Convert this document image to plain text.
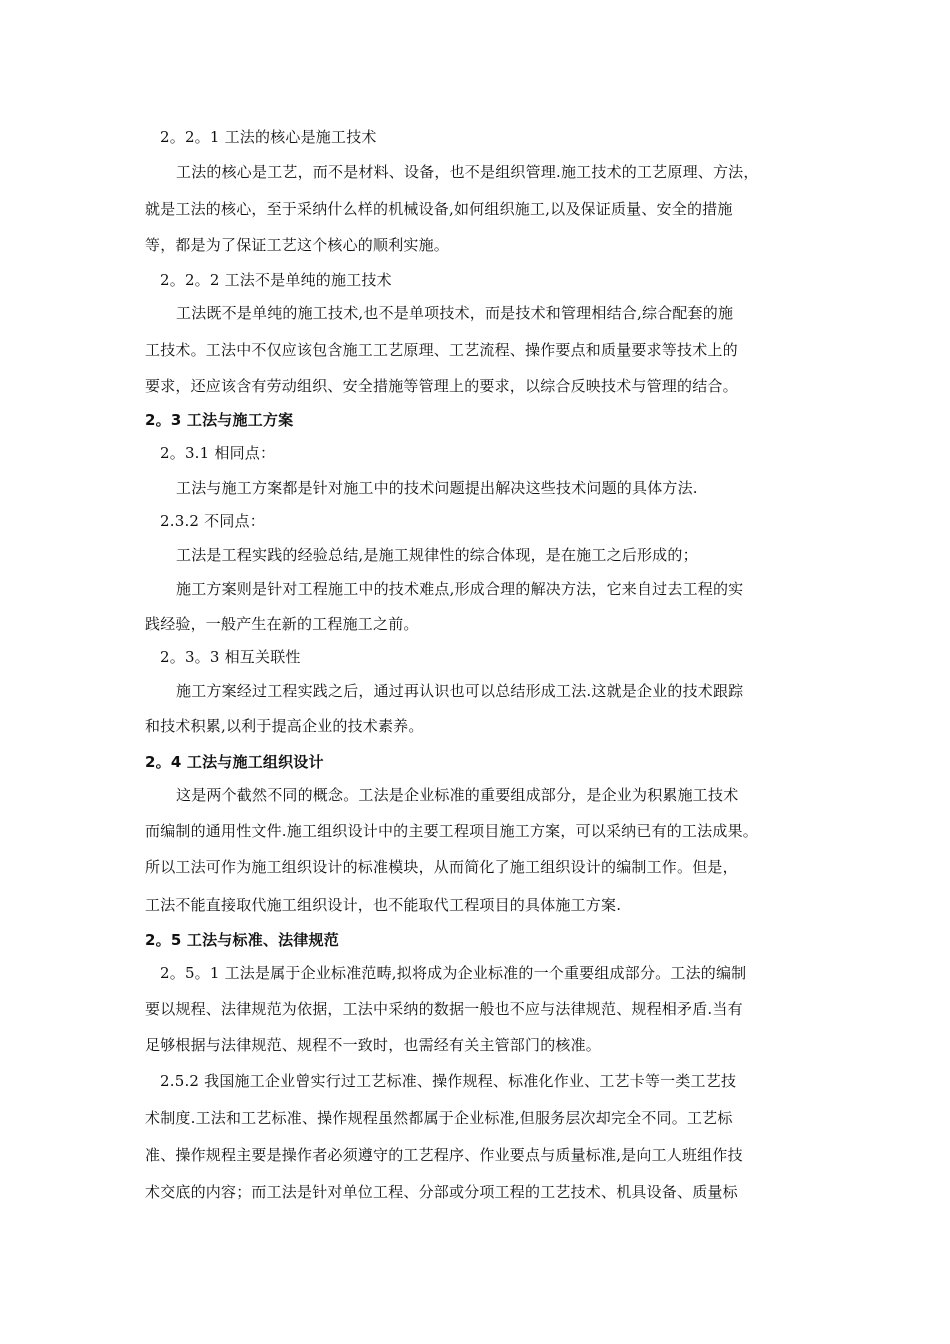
2。2。1 工法的核心是施工技术
工法的核心是工艺，而不是材料、设备，也不是组织管理.施工技术的工艺原理、方法，
就是工法的核心，至于采纳什么样的机械设备,如何组织施工,以及保证质量、安全的措施
等，都是为了保证工艺这个核心的顺利实施。
2。2。2 工法不是单纯的施工技术
工法既不是单纯的施工技术,也不是单项技术，而是技术和管理相结合,综合配套的施
工技术。工法中不仅应该包含施工工艺原理、工艺流程、操作要点和质量要求等技术上的
要求，还应该含有劳动组织、安全措施等管理上的要求，以综合反映技术与管理的结合。
2。3 工法与施工方案
2。3.1 相同点：
工法与施工方案都是针对施工中的技术问题提出解决这些技术问题的具体方法.
2.3.2 不同点：
工法是工程实践的经验总结,是施工规律性的综合体现，是在施工之后形成的；
施工方案则是针对工程施工中的技术难点,形成合理的解决方法，它来自过去工程的实
践经验，一般产生在新的工程施工之前。
2。3。3 相互关联性
施工方案经过工程实践之后，通过再认识也可以总结形成工法.这就是企业的技术跟踪
和技术积累,以利于提高企业的技术素养。
2。4 工法与施工组织设计
这是两个截然不同的概念。工法是企业标准的重要组成部分，是企业为积累施工技术
而编制的通用性文件.施工组织设计中的主要工程项目施工方案，可以采纳已有的工法成果。
所以工法可作为施工组织设计的标准模块，从而简化了施工组织设计的编制工作。但是，
工法不能直接取代施工组织设计，也不能取代工程项目的具体施工方案.
2。5 工法与标准、法律规范
2。5。1 工法是属于企业标准范畴,拟将成为企业标准的一个重要组成部分。工法的编制
要以规程、法律规范为依据，工法中采纳的数据一般也不应与法律规范、规程相矛盾.当有
足够根据与法律规范、规程不一致时，也需经有关主管部门的核准。
2.5.2 我国施工企业曾实行过工艺标准、操作规程、标准化作业、工艺卡等一类工艺技
术制度.工法和工艺标准、操作规程虽然都属于企业标准,但服务层次却完全不同。工艺标
准、操作规程主要是操作者必须遵守的工艺程序、作业要点与质量标准,是向工人班组作技
术交底的内容；而工法是针对单位工程、分部或分项工程的工艺技术、机具设备、质量标
